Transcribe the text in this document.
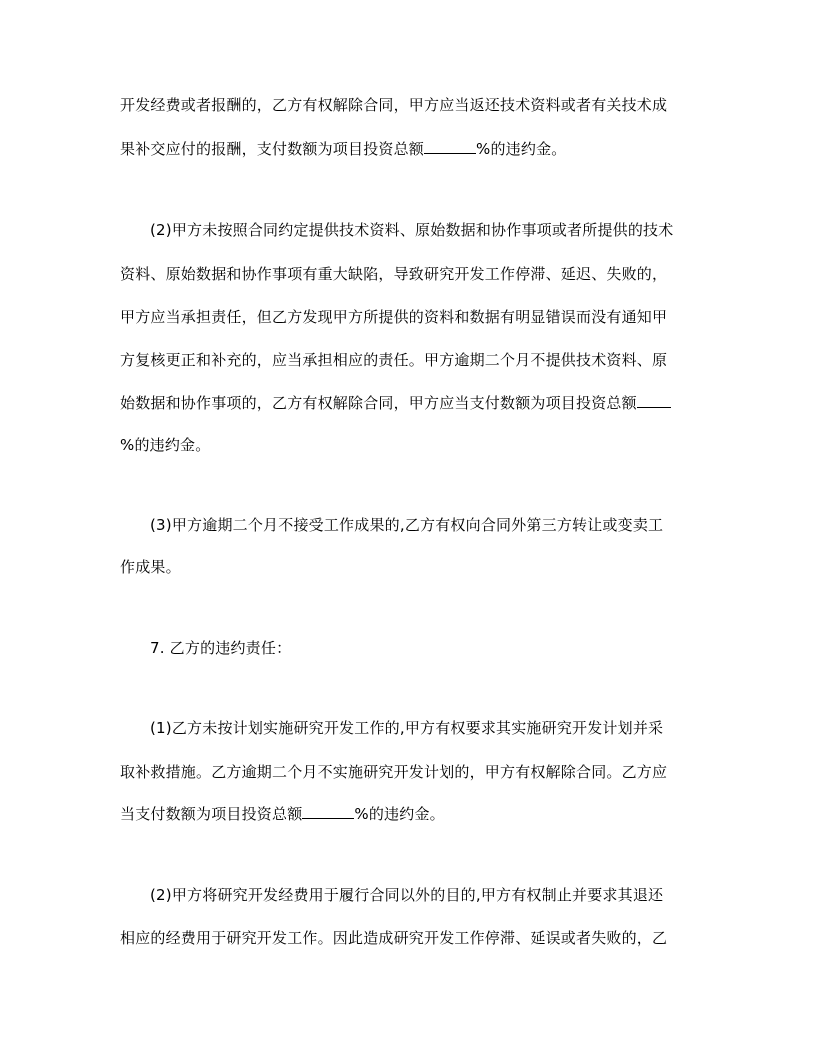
开发经费或者报酬的，乙方有权解除合同，甲方应当返还技术资料或者有关技术成
果补交应付的报酬，支付数额为项目投资总额	%的违约金。
(2)甲方未按照合同约定提供技术资料、原始数据和协作事项或者所提供的技术
资料、原始数据和协作事项有重大缺陷，导致研究开发工作停滞、延迟、失败的，
甲方应当承担责任，但乙方发现甲方所提供的资料和数据有明显错误而没有通知甲
方复核更正和补充的，应当承担相应的责任。甲方逾期二个月不提供技术资料、原
始数据和协作事项的，乙方有权解除合同，甲方应当支付数额为项目投资总额
%的违约金。
(3)甲方逾期二个月不接受工作成果的,乙方有权向合同外第三方转让或变卖工
作成果。
7. 乙方的违约责任：
(1)乙方未按计划实施研究开发工作的,甲方有权要求其实施研究开发计划并采
取补救措施。乙方逾期二个月不实施研究开发计划的，甲方有权解除合同。乙方应
当支付数额为项目投资总额	%的违约金。
(2)甲方将研究开发经费用于履行合同以外的目的,甲方有权制止并要求其退还
相应的经费用于研究开发工作。因此造成研究开发工作停滞、延误或者失败的，乙
